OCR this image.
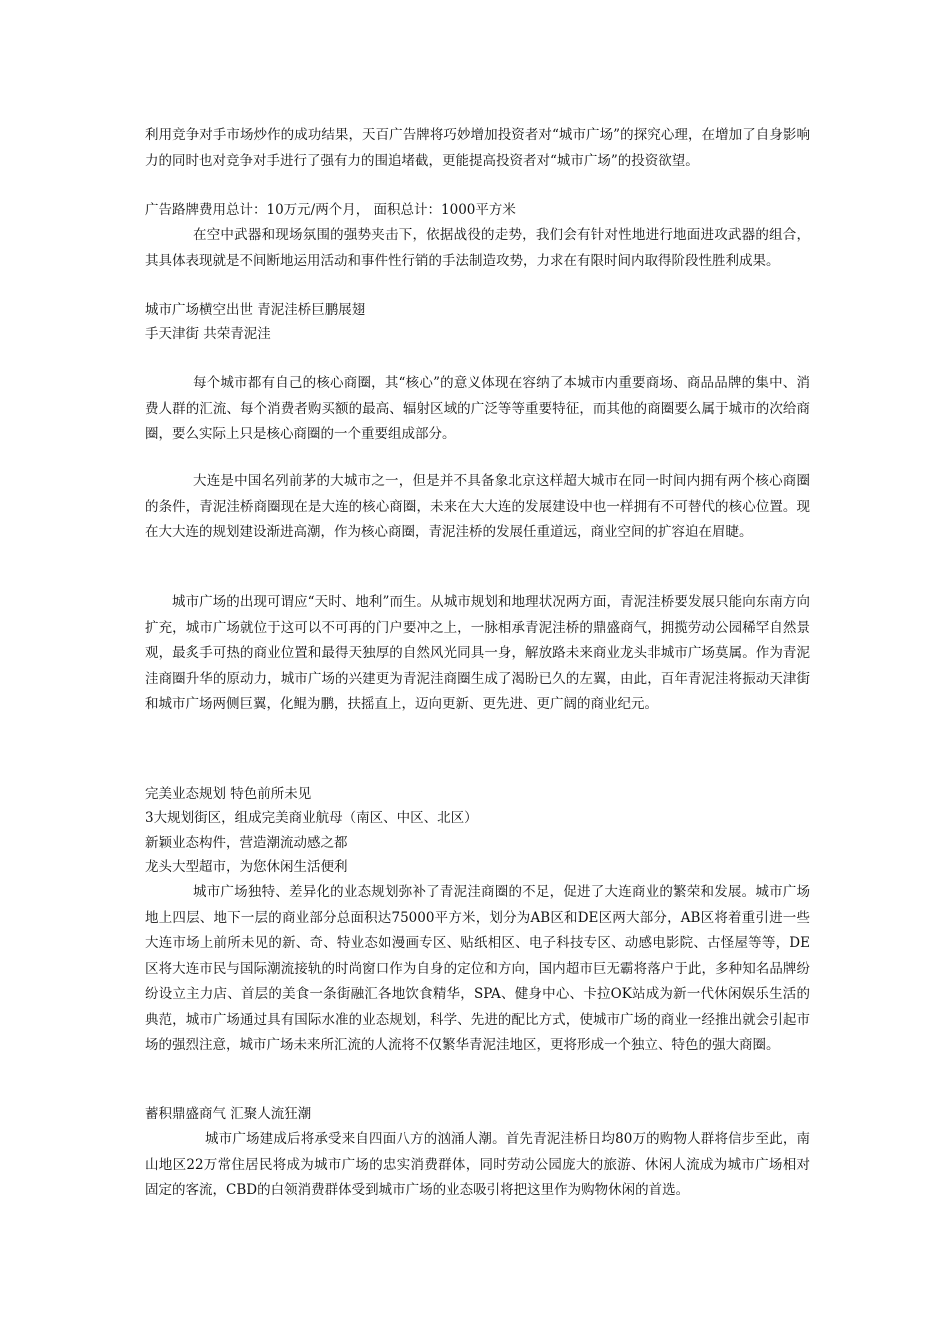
利用竞争对手市场炒作的成功结果，天百广告牌将巧妙增加投资者对“城市广场”的探究心理，在增加了自身影响力的同时也对竞争对手进行了强有力的围追堵截，更能提高投资者对“城市广场”的投资欲望。

广告路牌费用总计：10万元/两个月， 面积总计：1000平方米

在空中武器和现场氛围的强势夹击下，依据战役的走势，我们会有针对性地进行地面进攻武器的组合，其具体表现就是不间断地运用活动和事件性行销的手法制造攻势，力求在有限时间内取得阶段性胜利成果。

城市广场横空出世 青泥洼桥巨鹏展翅

手天津街 共荣青泥洼

每个城市都有自己的核心商圈，其“核心”的意义体现在容纳了本城市内重要商场、商品品牌的集中、消费人群的汇流、每个消费者购买额的最高、辐射区域的广泛等等重要特征，而其他的商圈要么属于城市的次给商圈，要么实际上只是核心商圈的一个重要组成部分。

大连是中国名列前茅的大城市之一，但是并不具备象北京这样超大城市在同一时间内拥有两个核心商圈的条件，青泥洼桥商圈现在是大连的核心商圈，未来在大大连的发展建设中也一样拥有不可替代的核心位置。现在大大连的规划建设渐进高潮，作为核心商圈，青泥洼桥的发展任重道远，商业空间的扩容迫在眉睫。

城市广场的出现可谓应“天时、地利”而生。从城市规划和地理状况两方面，青泥洼桥要发展只能向东南方向扩充，城市广场就位于这可以不可再的门户要冲之上，一脉相承青泥洼桥的鼎盛商气，拥揽劳动公园稀罕自然景观，最炙手可热的商业位置和最得天独厚的自然风光同具一身，解放路未来商业龙头非城市广场莫属。作为青泥洼商圈升华的原动力，城市广场的兴建更为青泥洼商圈生成了渴盼已久的左翼，由此，百年青泥洼将振动天津街和城市广场两侧巨翼，化鲲为鹏，扶摇直上，迈向更新、更先进、更广阔的商业纪元。

完美业态规划 特色前所未见

3大规划街区，组成完美商业航母（南区、中区、北区）

新颖业态构件，营造潮流动感之都

龙头大型超市，为您休闲生活便利

城市广场独特、差异化的业态规划弥补了青泥洼商圈的不足，促进了大连商业的繁荣和发展。城市广场地上四层、地下一层的商业部分总面积达75000平方米，划分为AB区和DE区两大部分，AB区将着重引进一些大连市场上前所未见的新、奇、特业态如漫画专区、贴纸相区、电子科技专区、动感电影院、古怪屋等等，DE区将大连市民与国际潮流接轨的时尚窗口作为自身的定位和方向，国内超市巨无霸将落户于此，多种知名品牌纷纷设立主力店、首层的美食一条街融汇各地饮食精华，SPA、健身中心、卡拉OK站成为新一代休闲娱乐生活的典范，城市广场通过具有国际水准的业态规划，科学、先进的配比方式，使城市广场的商业一经推出就会引起市场的强烈注意，城市广场未来所汇流的人流将不仅繁华青泥洼地区，更将形成一个独立、特色的强大商圈。

蓄积鼎盛商气 汇聚人流狂潮

城市广场建成后将承受来自四面八方的汹涌人潮。首先青泥洼桥日均80万的购物人群将信步至此，南山地区22万常住居民将成为城市广场的忠实消费群体，同时劳动公园庞大的旅游、休闲人流成为城市广场相对固定的客流，CBD的白领消费群体受到城市广场的业态吸引将把这里作为购物休闲的首选。
